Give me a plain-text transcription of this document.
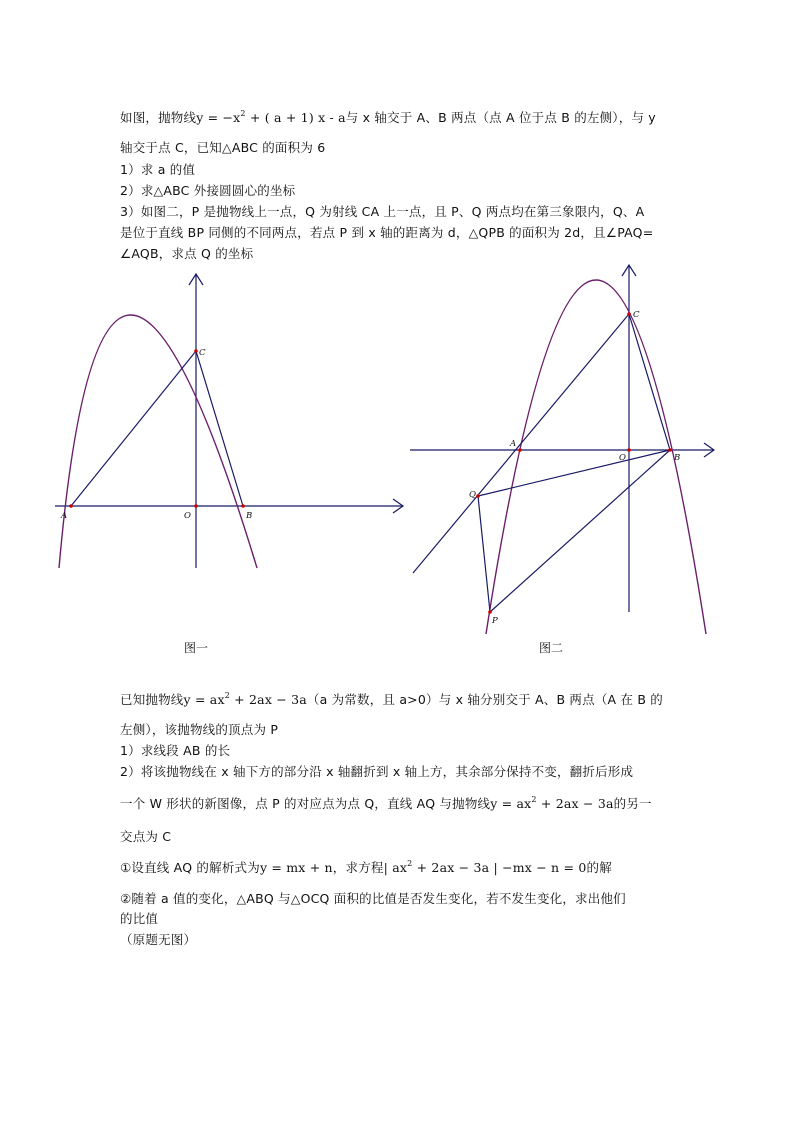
如图，抛物线$y = -x^2$ + ( a + 1) x - a与 x 轴交于 A、B 两点（点 A 位于点 B 的左侧），与 y
轴交于点 C，已知△ABC 的面积为 6
1）求 a 的值
2）求△ABC 外接圆圆心的坐标
3）如图二，P 是抛物线上一点，Q 为射线 CA 上一点，且 P、Q 两点均在第三象限内，Q、A
是位于直线 BP 同侧的不同两点，若点 P 到 x 轴的距离为 d，△QPB 的面积为 2d，且∠PAQ=
∠AQB，求点 Q 的坐标
A	O	B
C
图一
A
O	B
C
Q
P
图二
已知抛物线$y = ax^2 + 2ax - 3a(a$ 为常数，且 a>0）与 x 轴分别交于 A、B 两点（A 在 B 的
左侧），该抛物线的顶点为 P
1）求线段 AB 的长
2）将该抛物线在 x 轴下方的部分沿 x 轴翻折到 x 轴上方，其余部分保持不变，翻折后形成
一个 W 形状的新图像，点 P 的对应点为点 Q，直线 AQ 与抛物线$y = ax^2 + 2ax - 3a$的另一
交点为 C
①设直线 AQ 的解析式为y = mx + n，求方程| $ax^2 + 2ax - 3a$ | −mx − n = 0的解
②随着 a 值的变化，△ABQ 与△OCQ 面积的比值是否发生变化，若不发生变化，求出他们
的比值
（原题无图）
